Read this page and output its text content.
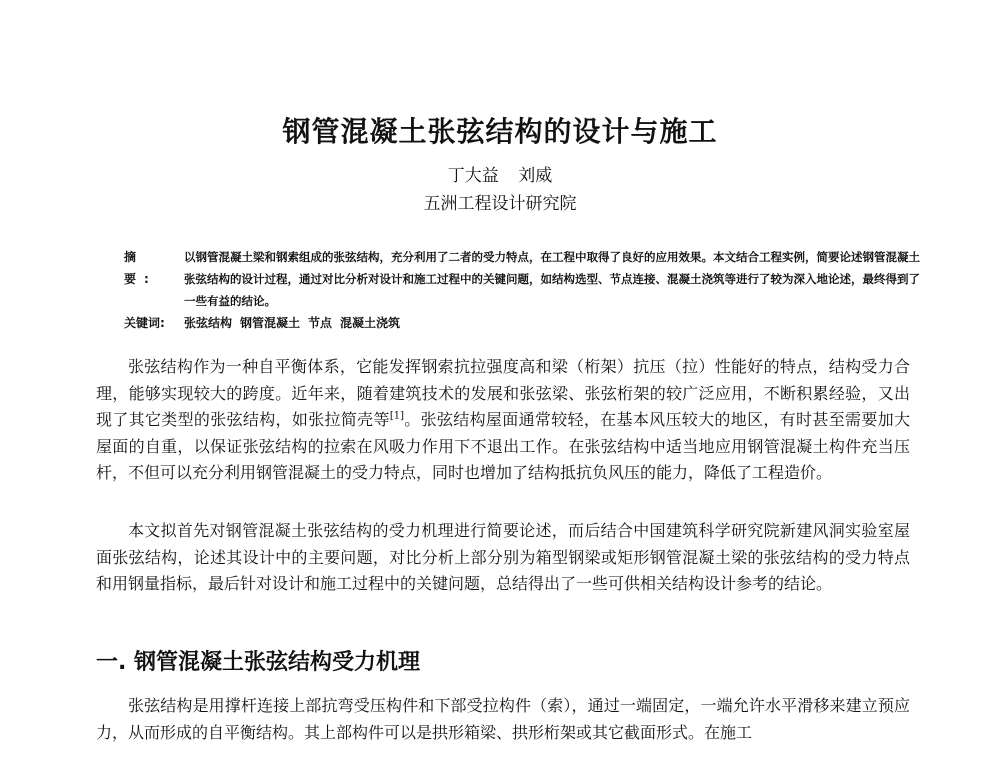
钢管混凝土张弦结构的设计与施工
丁大益 刘威
五洲工程设计研究院
摘 要:
以钢管混凝土梁和钢索组成的张弦结构，充分利用了二者的受力特点，在工程中取得了良好的应用效果。本文结合工程实例，简要论述钢管混凝土张弦结构的设计过程，通过对比分析对设计和施工过程中的关键问题，如结构选型、节点连接、混凝土浇筑等进行了较为深入地论述，最终得到了一些有益的结论。
关键词: 张弦结构 钢管混凝土 节点 混凝土浇筑

张弦结构作为一种自平衡体系，它能发挥钢索抗拉强度高和梁（桁架）抗压（拉）性能好的特点，结构受力合理，能够实现较大的跨度。近年来，随着建筑技术的发展和张弦梁、张弦桁架的较广泛应用，不断积累经验，又出现了其它类型的张弦结构，如张拉简壳等[1]。张弦结构屋面通常较轻，在基本风压较大的地区，有时甚至需要加大屋面的自重，以保证张弦结构的拉索在风吸力作用下不退出工作。在张弦结构中适当地应用钢管混凝土构件充当压杆，不但可以充分利用钢管混凝土的受力特点，同时也增加了结构抵抗负风压的能力，降低了工程造价。

本文拟首先对钢管混凝土张弦结构的受力机理进行简要论述，而后结合中国建筑科学研究院新建风洞实验室屋面张弦结构，论述其设计中的主要问题，对比分析上部分别为箱型钢梁或矩形钢管混凝土梁的张弦结构的受力特点和用钢量指标，最后针对设计和施工过程中的关键问题，总结得出了一些可供相关结构设计参考的结论。

一. 钢管混凝土张弦结构受力机理

张弦结构是用撑杆连接上部抗弯受压构件和下部受拉构件（索），通过一端固定，一端允许水平滑移来建立预应力，从而形成的自平衡结构。其上部构件可以是拱形箱梁、拱形桁架或其它截面形式。在施工
